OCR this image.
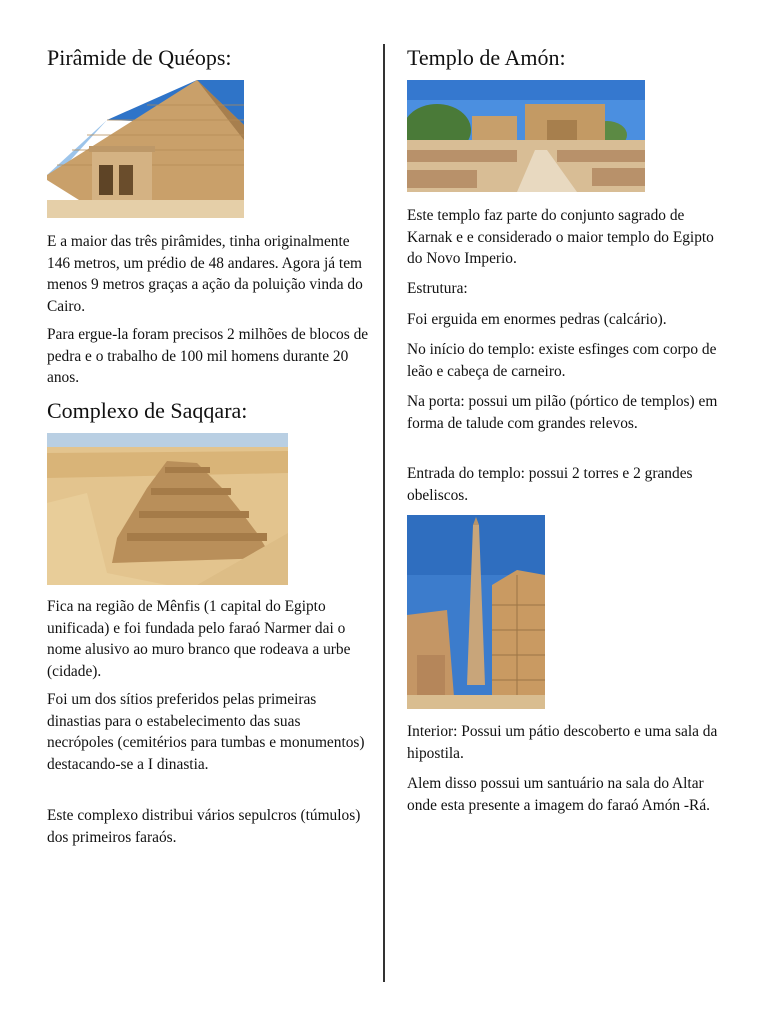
Pirâmide de Quéops:

E a maior das três pirâmides, tinha originalmente 146 metros, um prédio de 48 andares. Agora já tem menos 9 metros graças a ação da poluição vinda do Cairo.

Para ergue-la foram precisos 2 milhões de blocos de pedra e o trabalho de 100 mil homens durante 20 anos.

Complexo de Saqqara:

Fica na região de Mênfis (1 capital do Egipto unificada) e foi fundada pelo faraó Narmer dai o nome alusivo ao muro branco que rodeava a urbe (cidade).

Foi um dos sítios preferidos pelas primeiras dinastias para o estabelecimento das suas necrópoles (cemitérios para tumbas e monumentos) destacando-se a I dinastia.

Este complexo distribui vários sepulcros (túmulos) dos primeiros faraós.

Templo de Amón:

Este templo faz parte do conjunto sagrado de Karnak e e considerado o maior templo do Egipto do Novo Imperio.

Estrutura:

Foi erguida em enormes pedras (calcário).

No início do templo: existe esfinges com corpo de leão e cabeça de carneiro.

Na porta: possui um pilão (pórtico de templos) em forma de talude com grandes relevos.

Entrada do templo: possui 2 torres e 2 grandes obeliscos.

Interior: Possui um pátio descoberto e uma sala da hipostila.

Alem disso possui um santuário na sala do Altar onde esta presente a imagem do faraó Amón -Rá.
